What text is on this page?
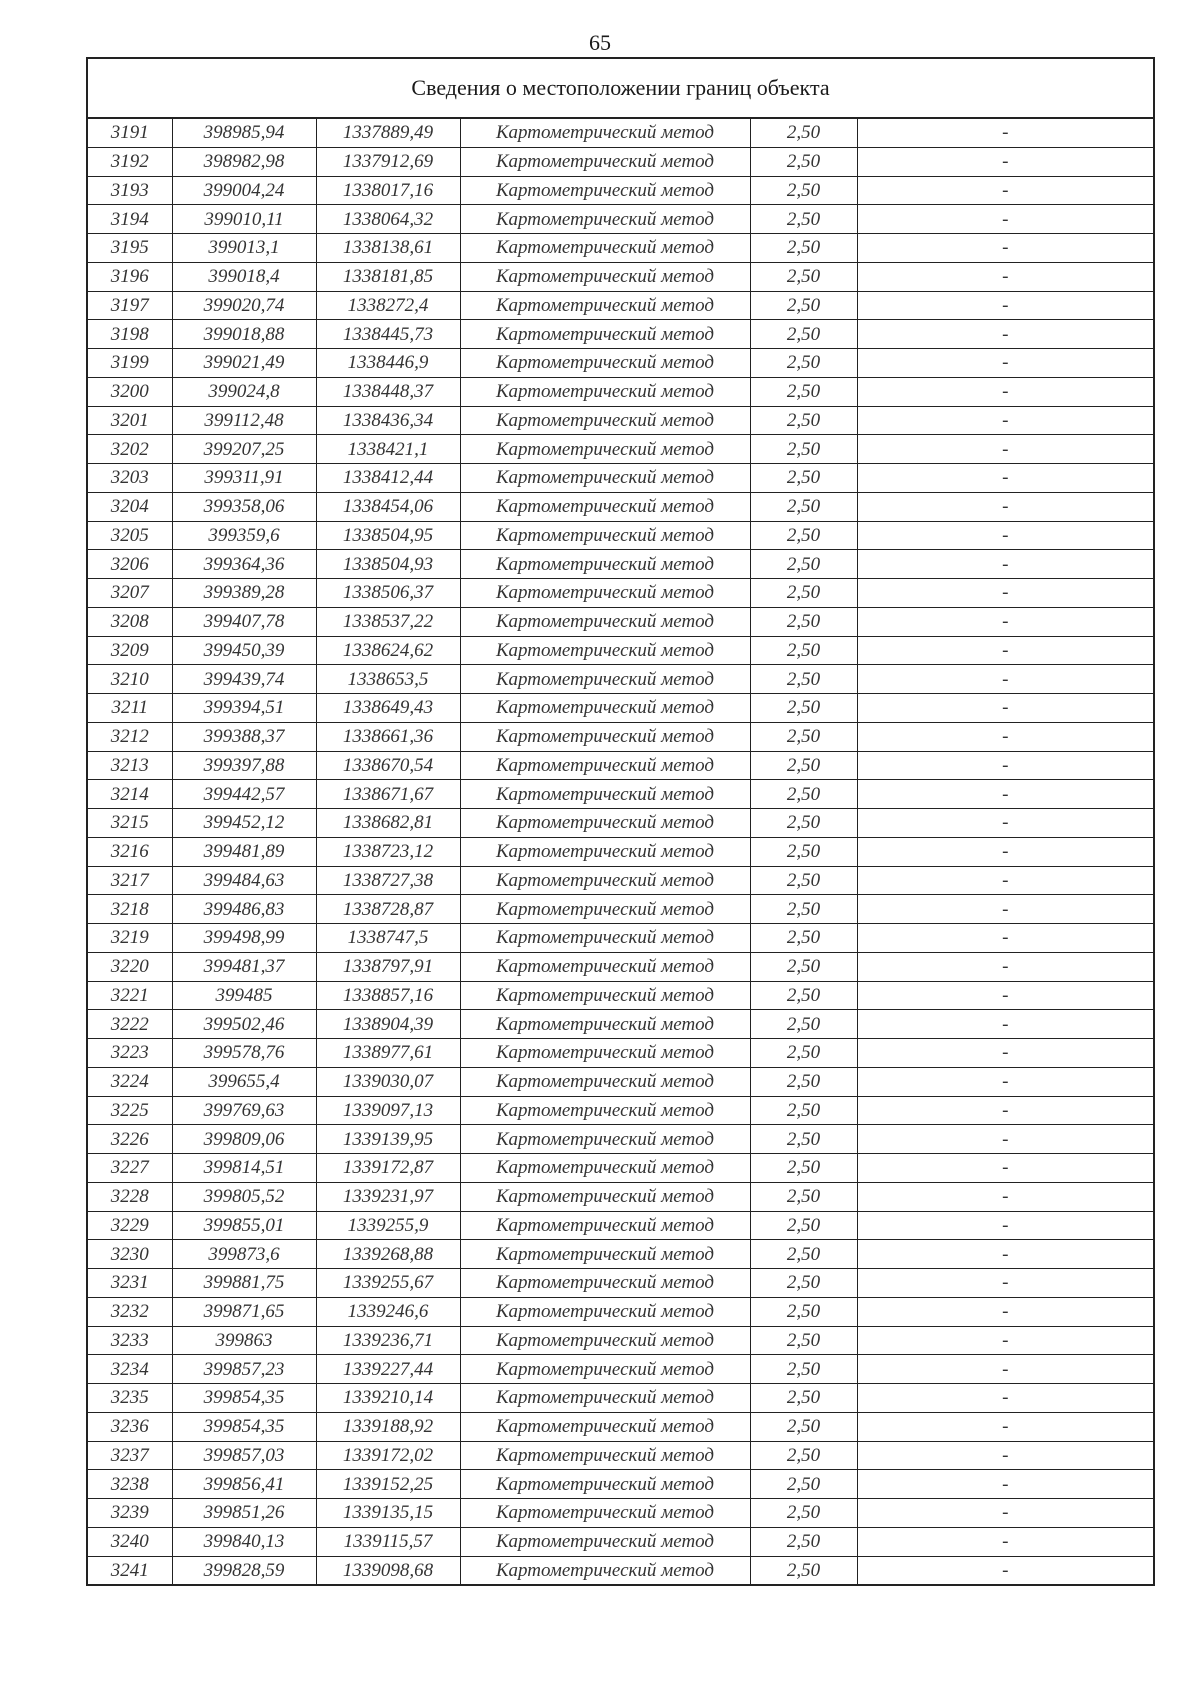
65
Сведения о местоположении границ объекта
3191	398985,94	1337889,49	Картометрический метод	2,50	-
3192	398982,98	1337912,69	Картометрический метод	2,50	-
3193	399004,24	1338017,16	Картометрический метод	2,50	-
3194	399010,11	1338064,32	Картометрический метод	2,50	-
3195	399013,1	1338138,61	Картометрический метод	2,50	-
3196	399018,4	1338181,85	Картометрический метод	2,50	-
3197	399020,74	1338272,4	Картометрический метод	2,50	-
3198	399018,88	1338445,73	Картометрический метод	2,50	-
3199	399021,49	1338446,9	Картометрический метод	2,50	-
3200	399024,8	1338448,37	Картометрический метод	2,50	-
3201	399112,48	1338436,34	Картометрический метод	2,50	-
3202	399207,25	1338421,1	Картометрический метод	2,50	-
3203	399311,91	1338412,44	Картометрический метод	2,50	-
3204	399358,06	1338454,06	Картометрический метод	2,50	-
3205	399359,6	1338504,95	Картометрический метод	2,50	-
3206	399364,36	1338504,93	Картометрический метод	2,50	-
3207	399389,28	1338506,37	Картометрический метод	2,50	-
3208	399407,78	1338537,22	Картометрический метод	2,50	-
3209	399450,39	1338624,62	Картометрический метод	2,50	-
3210	399439,74	1338653,5	Картометрический метод	2,50	-
3211	399394,51	1338649,43	Картометрический метод	2,50	-
3212	399388,37	1338661,36	Картометрический метод	2,50	-
3213	399397,88	1338670,54	Картометрический метод	2,50	-
3214	399442,57	1338671,67	Картометрический метод	2,50	-
3215	399452,12	1338682,81	Картометрический метод	2,50	-
3216	399481,89	1338723,12	Картометрический метод	2,50	-
3217	399484,63	1338727,38	Картометрический метод	2,50	-
3218	399486,83	1338728,87	Картометрический метод	2,50	-
3219	399498,99	1338747,5	Картометрический метод	2,50	-
3220	399481,37	1338797,91	Картометрический метод	2,50	-
3221	399485	1338857,16	Картометрический метод	2,50	-
3222	399502,46	1338904,39	Картометрический метод	2,50	-
3223	399578,76	1338977,61	Картометрический метод	2,50	-
3224	399655,4	1339030,07	Картометрический метод	2,50	-
3225	399769,63	1339097,13	Картометрический метод	2,50	-
3226	399809,06	1339139,95	Картометрический метод	2,50	-
3227	399814,51	1339172,87	Картометрический метод	2,50	-
3228	399805,52	1339231,97	Картометрический метод	2,50	-
3229	399855,01	1339255,9	Картометрический метод	2,50	-
3230	399873,6	1339268,88	Картометрический метод	2,50	-
3231	399881,75	1339255,67	Картометрический метод	2,50	-
3232	399871,65	1339246,6	Картометрический метод	2,50	-
3233	399863	1339236,71	Картометрический метод	2,50	-
3234	399857,23	1339227,44	Картометрический метод	2,50	-
3235	399854,35	1339210,14	Картометрический метод	2,50	-
3236	399854,35	1339188,92	Картометрический метод	2,50	-
3237	399857,03	1339172,02	Картометрический метод	2,50	-
3238	399856,41	1339152,25	Картометрический метод	2,50	-
3239	399851,26	1339135,15	Картометрический метод	2,50	-
3240	399840,13	1339115,57	Картометрический метод	2,50	-
3241	399828,59	1339098,68	Картометрический метод	2,50	-
